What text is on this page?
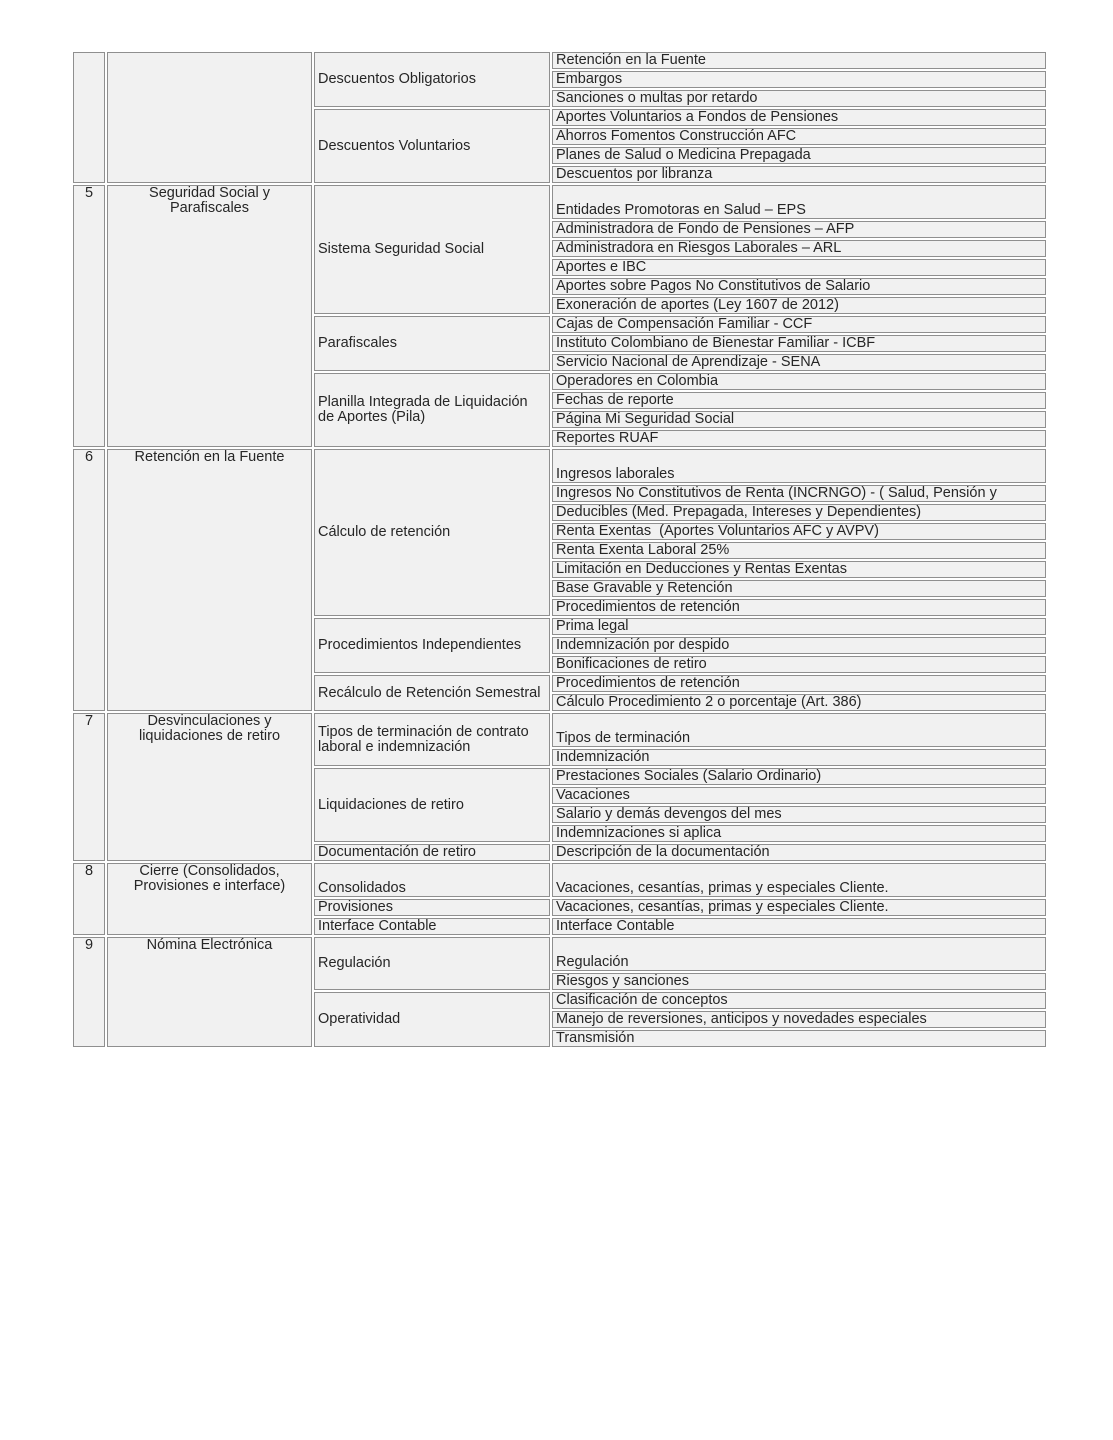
		Descuentos Obligatorios	Retención en la Fuente
			Embargos
			Sanciones o multas por retardo
		Descuentos Voluntarios	Aportes Voluntarios a Fondos de Pensiones
			Ahorros Fomentos Construcción AFC
			Planes de Salud o Medicina Prepagada
			Descuentos por libranza
5	Seguridad Social y Parafiscales	Sistema Seguridad Social	Entidades Promotoras en Salud – EPS
			Administradora de Fondo de Pensiones – AFP
			Administradora en Riesgos Laborales – ARL
			Aportes e IBC
			Aportes sobre Pagos No Constitutivos de Salario
			Exoneración de aportes (Ley 1607 de 2012)
		Parafiscales	Cajas de Compensación Familiar - CCF
			Instituto Colombiano de Bienestar Familiar - ICBF
			Servicio Nacional de Aprendizaje - SENA
		Planilla Integrada de Liquidación de Aportes (Pila)	Operadores en Colombia
			Fechas de reporte
			Página Mi Seguridad Social
			Reportes RUAF
6	Retención en la Fuente	Cálculo de retención	Ingresos laborales
			Ingresos No Constitutivos de Renta (INCRNGO) - ( Salud, Pensión y
			Deducibles (Med. Prepagada, Intereses y Dependientes)
			Renta Exentas  (Aportes Voluntarios AFC y AVPV)
			Renta Exenta Laboral 25%
			Limitación en Deducciones y Rentas Exentas
			Base Gravable y Retención
			Procedimientos de retención
		Procedimientos Independientes	Prima legal
			Indemnización por despido
			Bonificaciones de retiro
		Recálculo de Retención Semestral	Procedimientos de retención
			Cálculo Procedimiento 2 o porcentaje (Art. 386)
7	Desvinculaciones y liquidaciones de retiro	Tipos de terminación de contrato laboral e indemnización	Tipos de terminación
			Indemnización
		Liquidaciones de retiro	Prestaciones Sociales (Salario Ordinario)
			Vacaciones
			Salario y demás devengos del mes
			Indemnizaciones si aplica
		Documentación de retiro	Descripción de la documentación
8	Cierre (Consolidados, Provisiones e interface)	Consolidados	Vacaciones, cesantías, primas y especiales Cliente.
		Provisiones	Vacaciones, cesantías, primas y especiales Cliente.
		Interface Contable	Interface Contable
9	Nómina Electrónica	Regulación	Regulación
			Riesgos y sanciones
		Operatividad	Clasificación de conceptos
			Manejo de reversiones, anticipos y novedades especiales
			Transmisión
